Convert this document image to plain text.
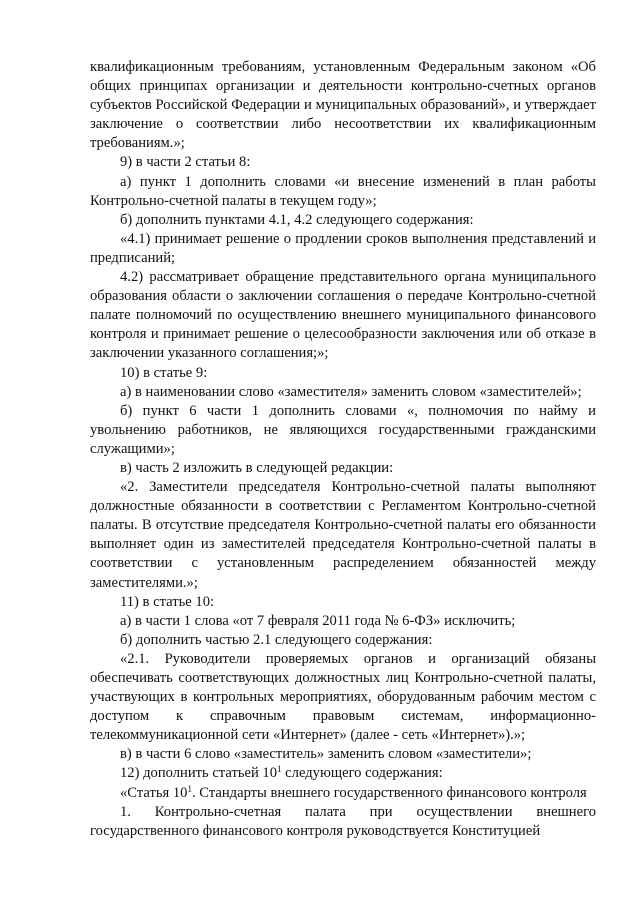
квалификационным требованиям, установленным Федеральным законом «Об общих принципах организации и деятельности контрольно-счетных органов субъектов Российской Федерации и муниципальных образований», и утверждает заключение о соответствии либо несоответствии их квалификационным требованиям.»;

9) в части 2 статьи 8:

а) пункт 1 дополнить словами «и внесение изменений в план работы Контрольно-счетной палаты в текущем году»;

б) дополнить пунктами 4.1, 4.2 следующего содержания:

«4.1) принимает решение о продлении сроков выполнения представлений и предписаний;

4.2) рассматривает обращение представительного органа муниципального образования области о заключении соглашения о передаче Контрольно-счетной палате полномочий по осуществлению внешнего муниципального финансового контроля и принимает решение о целесообразности заключения или об отказе в заключении указанного соглашения;»;

10) в статье 9:

а) в наименовании слово «заместителя» заменить словом «заместителей»;

б) пункт 6 части 1 дополнить словами «, полномочия по найму и увольнению работников, не являющихся государственными гражданскими служащими»;

в) часть 2 изложить в следующей редакции:

«2. Заместители председателя Контрольно-счетной палаты выполняют должностные обязанности в соответствии с Регламентом Контрольно-счетной палаты. В отсутствие председателя Контрольно-счетной палаты его обязанности выполняет один из заместителей председателя Контрольно-счетной палаты в соответствии с установленным распределением обязанностей между заместителями.»;

11) в статье 10:

а) в части 1 слова «от 7 февраля 2011 года № 6-ФЗ» исключить;

б) дополнить частью 2.1 следующего содержания:

«2.1. Руководители проверяемых органов и организаций обязаны обеспечивать соответствующих должностных лиц Контрольно-счетной палаты, участвующих в контрольных мероприятиях, оборудованным рабочим местом с доступом к справочным правовым системам, информационно-телекоммуникационной сети «Интернет» (далее - сеть «Интернет»).»;

в) в части 6 слово «заместитель» заменить словом «заместители»;

12) дополнить статьей $10^1$ следующего содержания:

«Статья $10^1$. Стандарты внешнего государственного финансового контроля

1. Контрольно-счетная палата при осуществлении внешнего государственного финансового контроля руководствуется Конституцией
